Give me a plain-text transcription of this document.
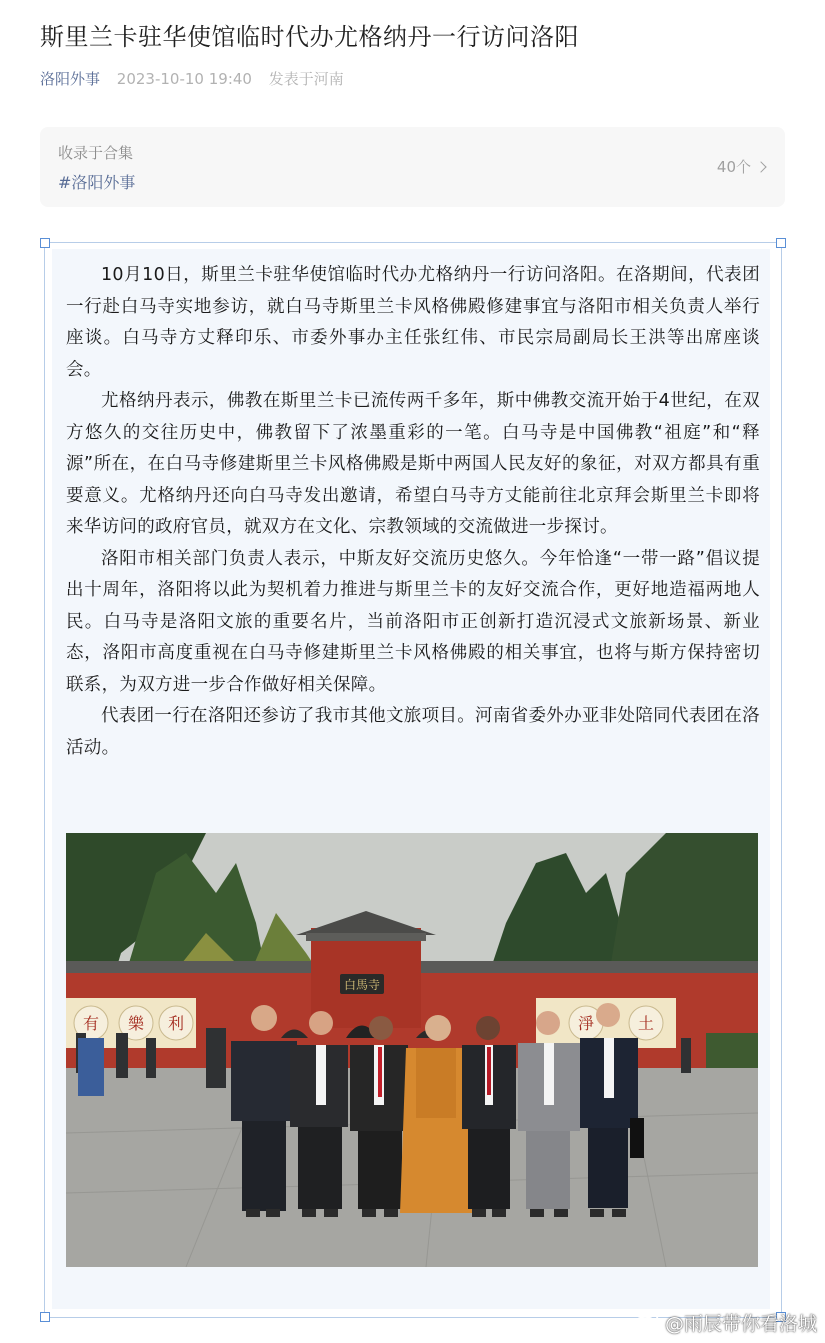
斯里兰卡驻华使馆临时代办尤格纳丹一行访问洛阳
洛阳外事 2023-10-10 19:40 发表于河南
收录于合集
#洛阳外事
40个

10月10日，斯里兰卡驻华使馆临时代办尤格纳丹一行访问洛阳。在洛期间，代表团一行赴白马寺实地参访，就白马寺斯里兰卡风格佛殿修建事宜与洛阳市相关负责人举行座谈。白马寺方丈释印乐、市委外事办主任张红伟、市民宗局副局长王洪等出席座谈会。

尤格纳丹表示，佛教在斯里兰卡已流传两千多年，斯中佛教交流开始于4世纪，在双方悠久的交往历史中，佛教留下了浓墨重彩的一笔。白马寺是中国佛教“祖庭”和“释源”所在，在白马寺修建斯里兰卡风格佛殿是斯中两国人民友好的象征，对双方都具有重要意义。尤格纳丹还向白马寺发出邀请，希望白马寺方丈能前往北京拜会斯里兰卡即将来华访问的政府官员，就双方在文化、宗教领域的交流做进一步探讨。

洛阳市相关部门负责人表示，中斯友好交流历史悠久。今年恰逢“一带一路”倡议提出十周年，洛阳将以此为契机着力推进与斯里兰卡的友好交流合作，更好地造福两地人民。白马寺是洛阳文旅的重要名片，当前洛阳市正创新打造沉浸式文旅新场景、新业态，洛阳市高度重视在白马寺修建斯里兰卡风格佛殿的相关事宜，也将与斯方保持密切联系，为双方进一步合作做好相关保障。

代表团一行在洛阳还参访了我市其他文旅项目。河南省委外办亚非处陪同代表团在洛活动。

白馬寺
有 樂 利	淨	土
@雨辰带你看洛城
